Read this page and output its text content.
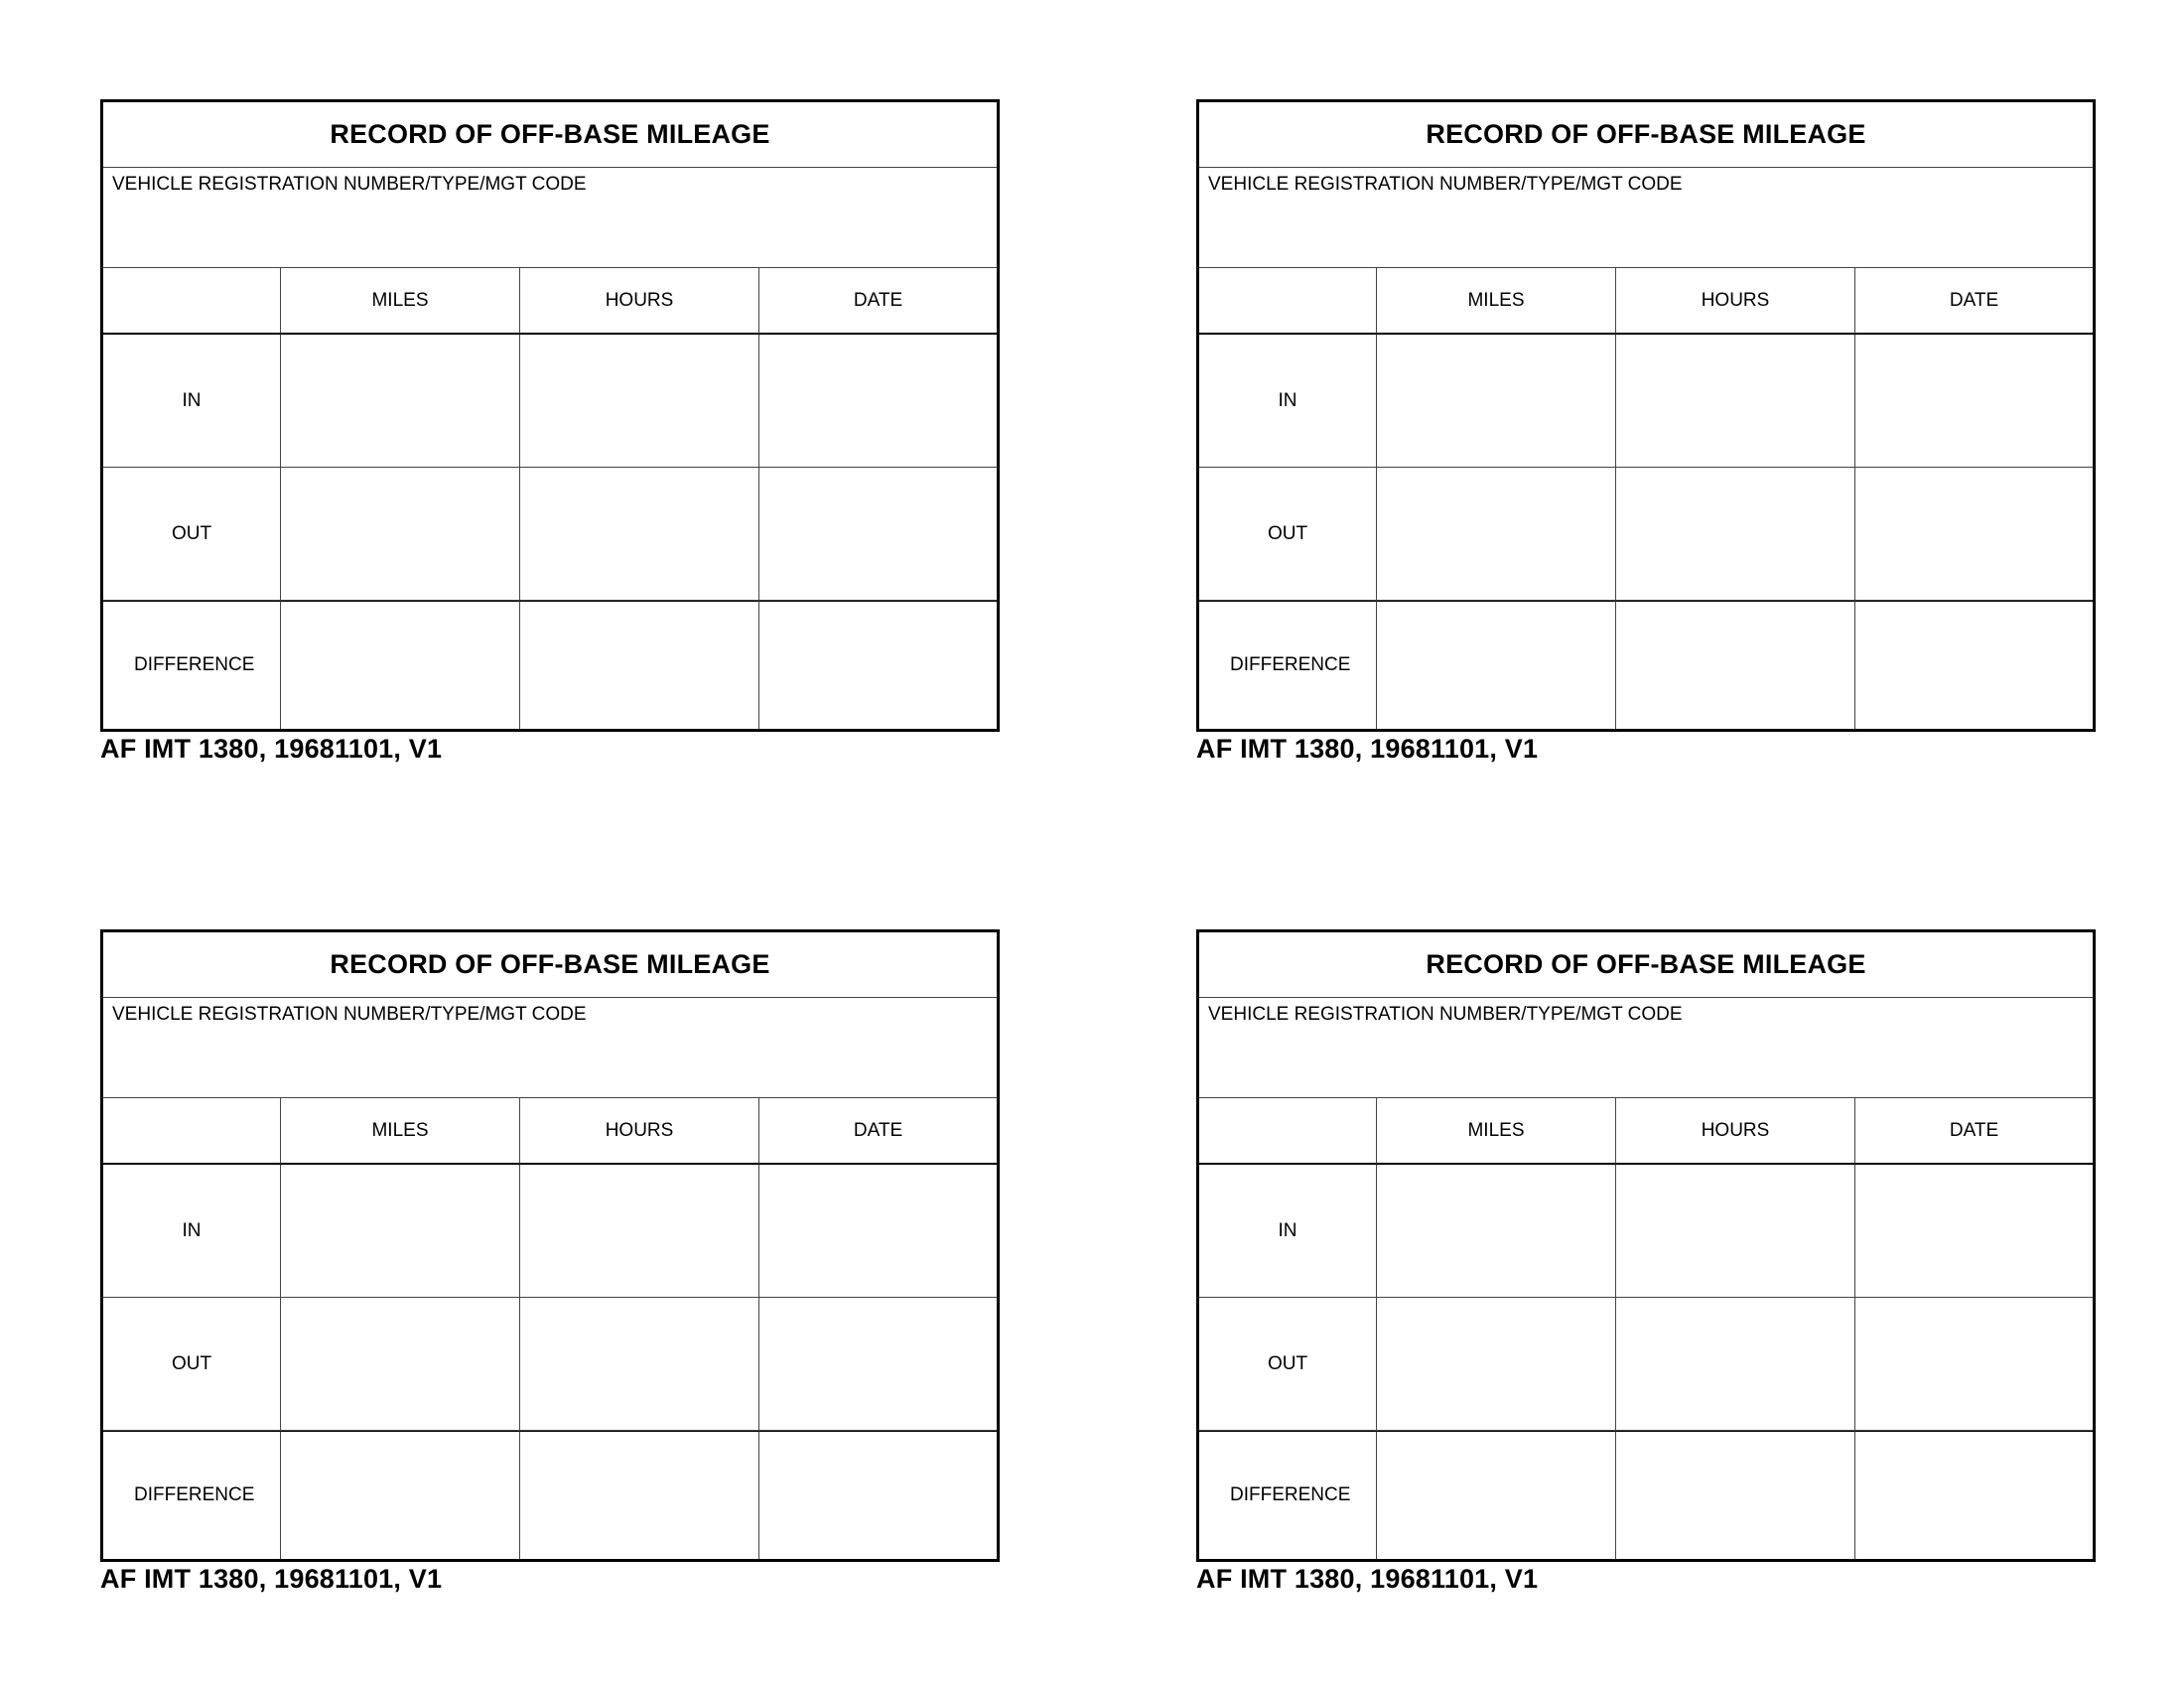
RECORD OF OFF-BASE MILEAGE
VEHICLE REGISTRATION NUMBER/TYPE/MGT CODE
MILES	HOURS	DATE
IN
OUT
DIFFERENCE
AF IMT 1380, 19681101, V1
RECORD OF OFF-BASE MILEAGE
VEHICLE REGISTRATION NUMBER/TYPE/MGT CODE
MILES	HOURS	DATE
IN
OUT
DIFFERENCE
AF IMT 1380, 19681101, V1
RECORD OF OFF-BASE MILEAGE
VEHICLE REGISTRATION NUMBER/TYPE/MGT CODE
MILES	HOURS	DATE
IN
OUT
DIFFERENCE
AF IMT 1380, 19681101, V1
RECORD OF OFF-BASE MILEAGE
VEHICLE REGISTRATION NUMBER/TYPE/MGT CODE
MILES	HOURS	DATE
IN
OUT
DIFFERENCE
AF IMT 1380, 19681101, V1
